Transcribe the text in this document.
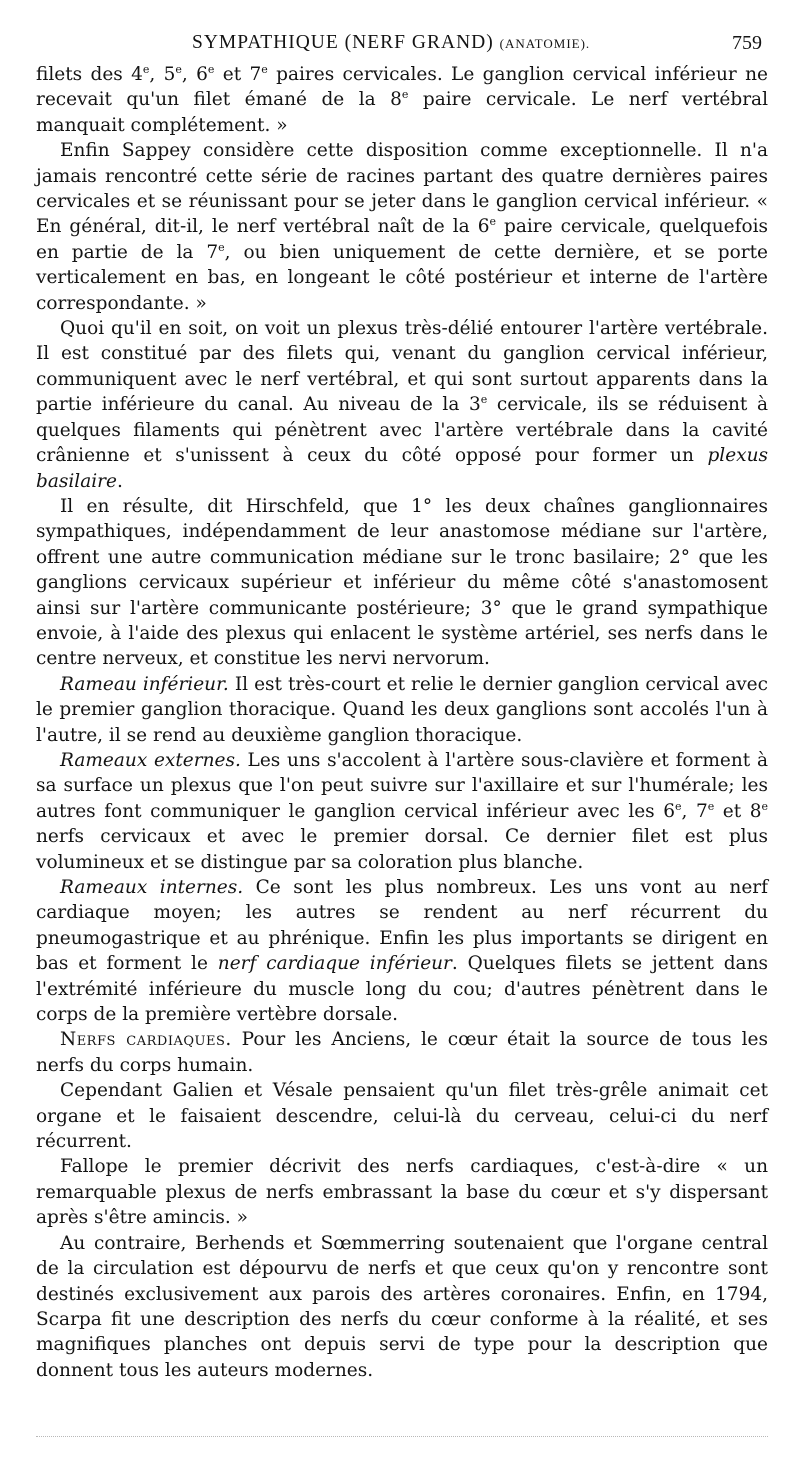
SYMPATHIQUE (NERF GRAND) (ANATOMIE).	759

filets des 4e, 5e, 6e et 7e paires cervicales. Le ganglion cervical inférieur ne recevait qu'un filet émané de la 8e paire cervicale. Le nerf vertébral manquait complétement. »

Enfin Sappey considère cette disposition comme exceptionnelle. Il n'a jamais rencontré cette série de racines partant des quatre dernières paires cervicales et se réunissant pour se jeter dans le ganglion cervical inférieur. « En général, dit-il, le nerf vertébral naît de la 6e paire cervicale, quelquefois en partie de la 7e, ou bien uniquement de cette dernière, et se porte verticalement en bas, en longeant le côté postérieur et interne de l'artère correspondante. »

Quoi qu'il en soit, on voit un plexus très-délié entourer l'artère vertébrale. Il est constitué par des filets qui, venant du ganglion cervical inférieur, communiquent avec le nerf vertébral, et qui sont surtout apparents dans la partie inférieure du canal. Au niveau de la 3e cervicale, ils se réduisent à quelques filaments qui pénètrent avec l'artère vertébrale dans la cavité crânienne et s'unissent à ceux du côté opposé pour former un plexus basilaire.

Il en résulte, dit Hirschfeld, que 1° les deux chaînes ganglionnaires sympathiques, indépendamment de leur anastomose médiane sur l'artère, offrent une autre communication médiane sur le tronc basilaire; 2° que les ganglions cervicaux supérieur et inférieur du même côté s'anastomosent ainsi sur l'artère communicante postérieure; 3° que le grand sympathique envoie, à l'aide des plexus qui enlacent le système artériel, ses nerfs dans le centre nerveux, et constitue les nervi nervorum.

Rameau inférieur. Il est très-court et relie le dernier ganglion cervical avec le premier ganglion thoracique. Quand les deux ganglions sont accolés l'un à l'autre, il se rend au deuxième ganglion thoracique.

Rameaux externes. Les uns s'accolent à l'artère sous-clavière et forment à sa surface un plexus que l'on peut suivre sur l'axillaire et sur l'humérale; les autres font communiquer le ganglion cervical inférieur avec les 6e, 7e et 8e nerfs cervicaux et avec le premier dorsal. Ce dernier filet est plus volumineux et se distingue par sa coloration plus blanche.

Rameaux internes. Ce sont les plus nombreux. Les uns vont au nerf cardiaque moyen; les autres se rendent au nerf récurrent du pneumogastrique et au phrénique. Enfin les plus importants se dirigent en bas et forment le nerf cardiaque inférieur. Quelques filets se jettent dans l'extrémité inférieure du muscle long du cou; d'autres pénètrent dans le corps de la première vertèbre dorsale.

Nerfs cardiaques. Pour les Anciens, le cœur était la source de tous les nerfs du corps humain.

Cependant Galien et Vésale pensaient qu'un filet très-grêle animait cet organe et le faisaient descendre, celui-là du cerveau, celui-ci du nerf récurrent.

Fallope le premier décrivit des nerfs cardiaques, c'est-à-dire « un remarquable plexus de nerfs embrassant la base du cœur et s'y dispersant après s'être amincis. »

Au contraire, Berhends et Sœmmerring soutenaient que l'organe central de la circulation est dépourvu de nerfs et que ceux qu'on y rencontre sont destinés exclusivement aux parois des artères coronaires. Enfin, en 1794, Scarpa fit une description des nerfs du cœur conforme à la réalité, et ses magnifiques planches ont depuis servi de type pour la description que donnent tous les auteurs modernes.
